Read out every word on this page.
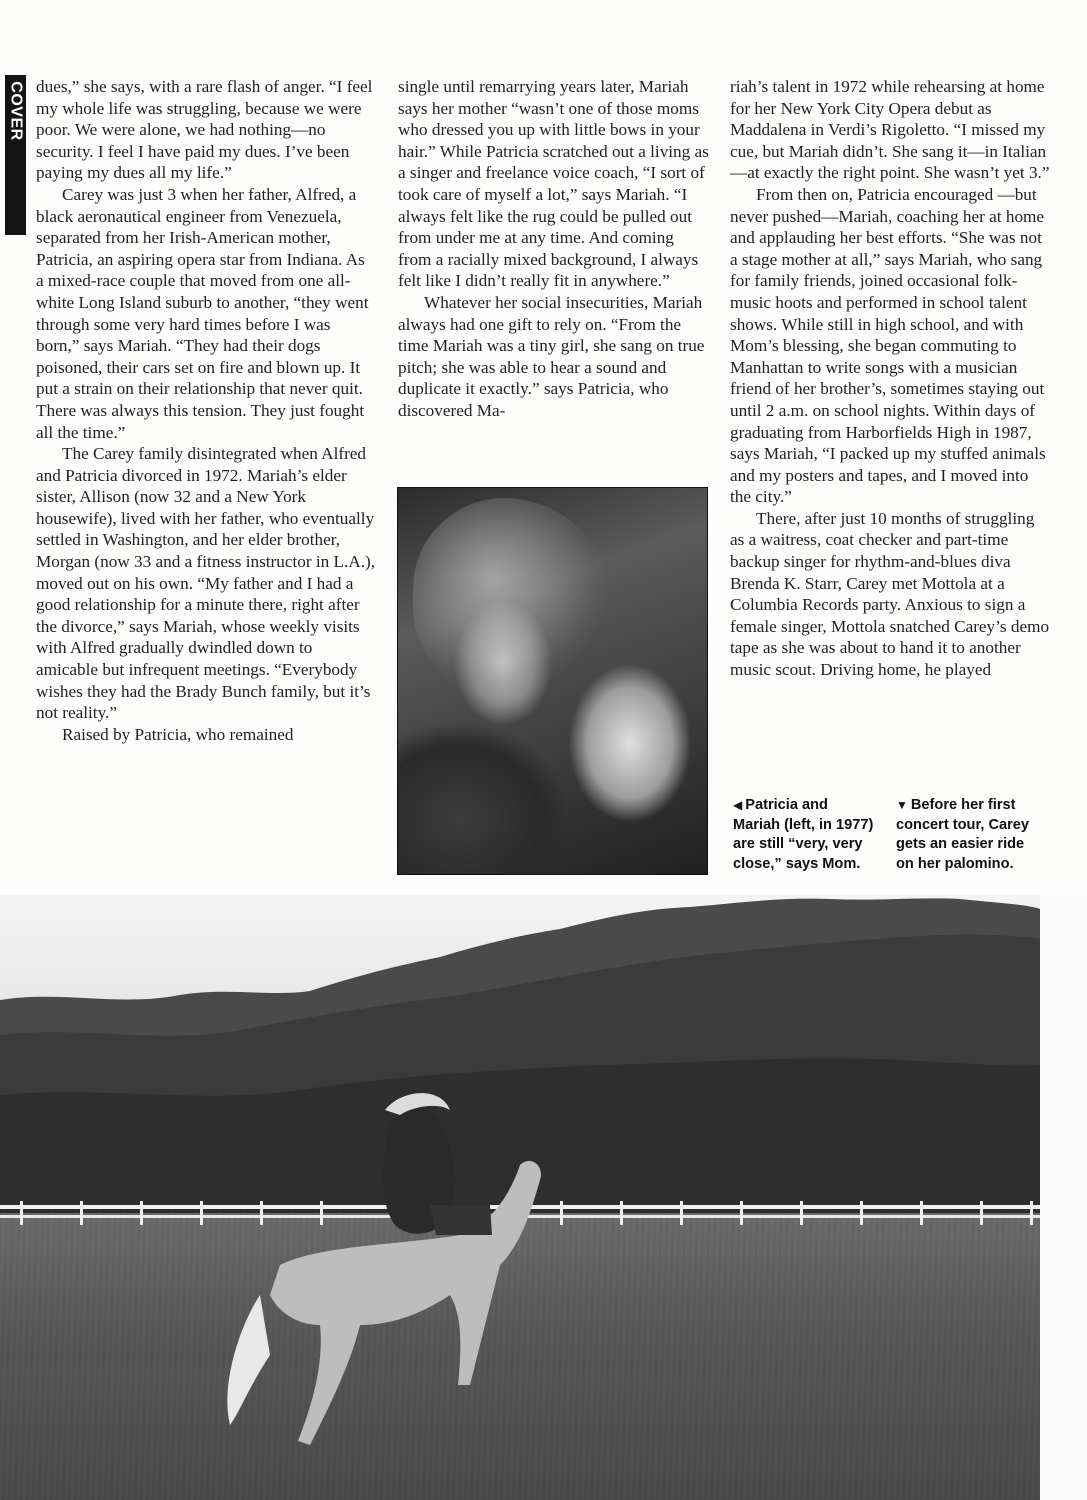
COVER dues,” she says, with a rare flash of anger. “I feel my whole life was struggling, because we were poor. We were alone, we had nothing—no security. I feel I have paid my dues. I’ve been paying my dues all my life.”

Carey was just 3 when her father, Alfred, a black aeronautical engineer from Venezuela, separated from her Irish-American mother, Patricia, an aspiring opera star from Indiana. As a mixed-race couple that moved from one all-white Long Island suburb to another, “they went through some very hard times before I was born,” says Mariah. “They had their dogs poisoned, their cars set on fire and blown up. It put a strain on their relationship that never quit. There was always this tension. They just fought all the time.”

The Carey family disintegrated when Alfred and Patricia divorced in 1972. Mariah’s elder sister, Allison (now 32 and a New York housewife), lived with her father, who eventually settled in Washington, and her elder brother, Morgan (now 33 and a fitness instructor in L.A.), moved out on his own. “My father and I had a good relationship for a minute there, right after the divorce,” says Mariah, whose weekly visits with Alfred gradually dwindled down to amicable but infrequent meetings. “Everybody wishes they had the Brady Bunch family, but it’s not reality.”

Raised by Patricia, who remained

single until remarrying years later, Mariah says her mother “wasn’t one of those moms who dressed you up with little bows in your hair.” While Patricia scratched out a living as a singer and freelance voice coach, “I sort of took care of myself a lot,” says Mariah. “I always felt like the rug could be pulled out from under me at any time. And coming from a racially mixed background, I always felt like I didn’t really fit in anywhere.”

Whatever her social insecurities, Mariah always had one gift to rely on. “From the time Mariah was a tiny girl, she sang on true pitch; she was able to hear a sound and duplicate it exactly.” says Patricia, who discovered Ma-

riah’s talent in 1972 while rehearsing at home for her New York City Opera debut as Maddalena in Verdi’s Rigoletto. “I missed my cue, but Mariah didn’t. She sang it—in Italian—at exactly the right point. She wasn’t yet 3.”

From then on, Patricia encouraged —but never pushed—Mariah, coaching her at home and applauding her best efforts. “She was not a stage mother at all,” says Mariah, who sang for family friends, joined occasional folk-music hoots and performed in school talent shows. While still in high school, and with Mom’s blessing, she began commuting to Manhattan to write songs with a musician friend of her brother’s, sometimes staying out until 2 a.m. on school nights. Within days of graduating from Harborfields High in 1987, says Mariah, “I packed up my stuffed animals and my posters and tapes, and I moved into the city.”

There, after just 10 months of struggling as a waitress, coat checker and part-time backup singer for rhythm-and-blues diva Brenda K. Starr, Carey met Mottola at a Columbia Records party. Anxious to sign a female singer, Mottola snatched Carey’s demo tape as she was about to hand it to another music scout. Driving home, he played

◀ Patricia and Mariah (left, in 1977) are still “very, very close,” says Mom.
▼ Before her first concert tour, Carey gets an easier ride on her palomino.
